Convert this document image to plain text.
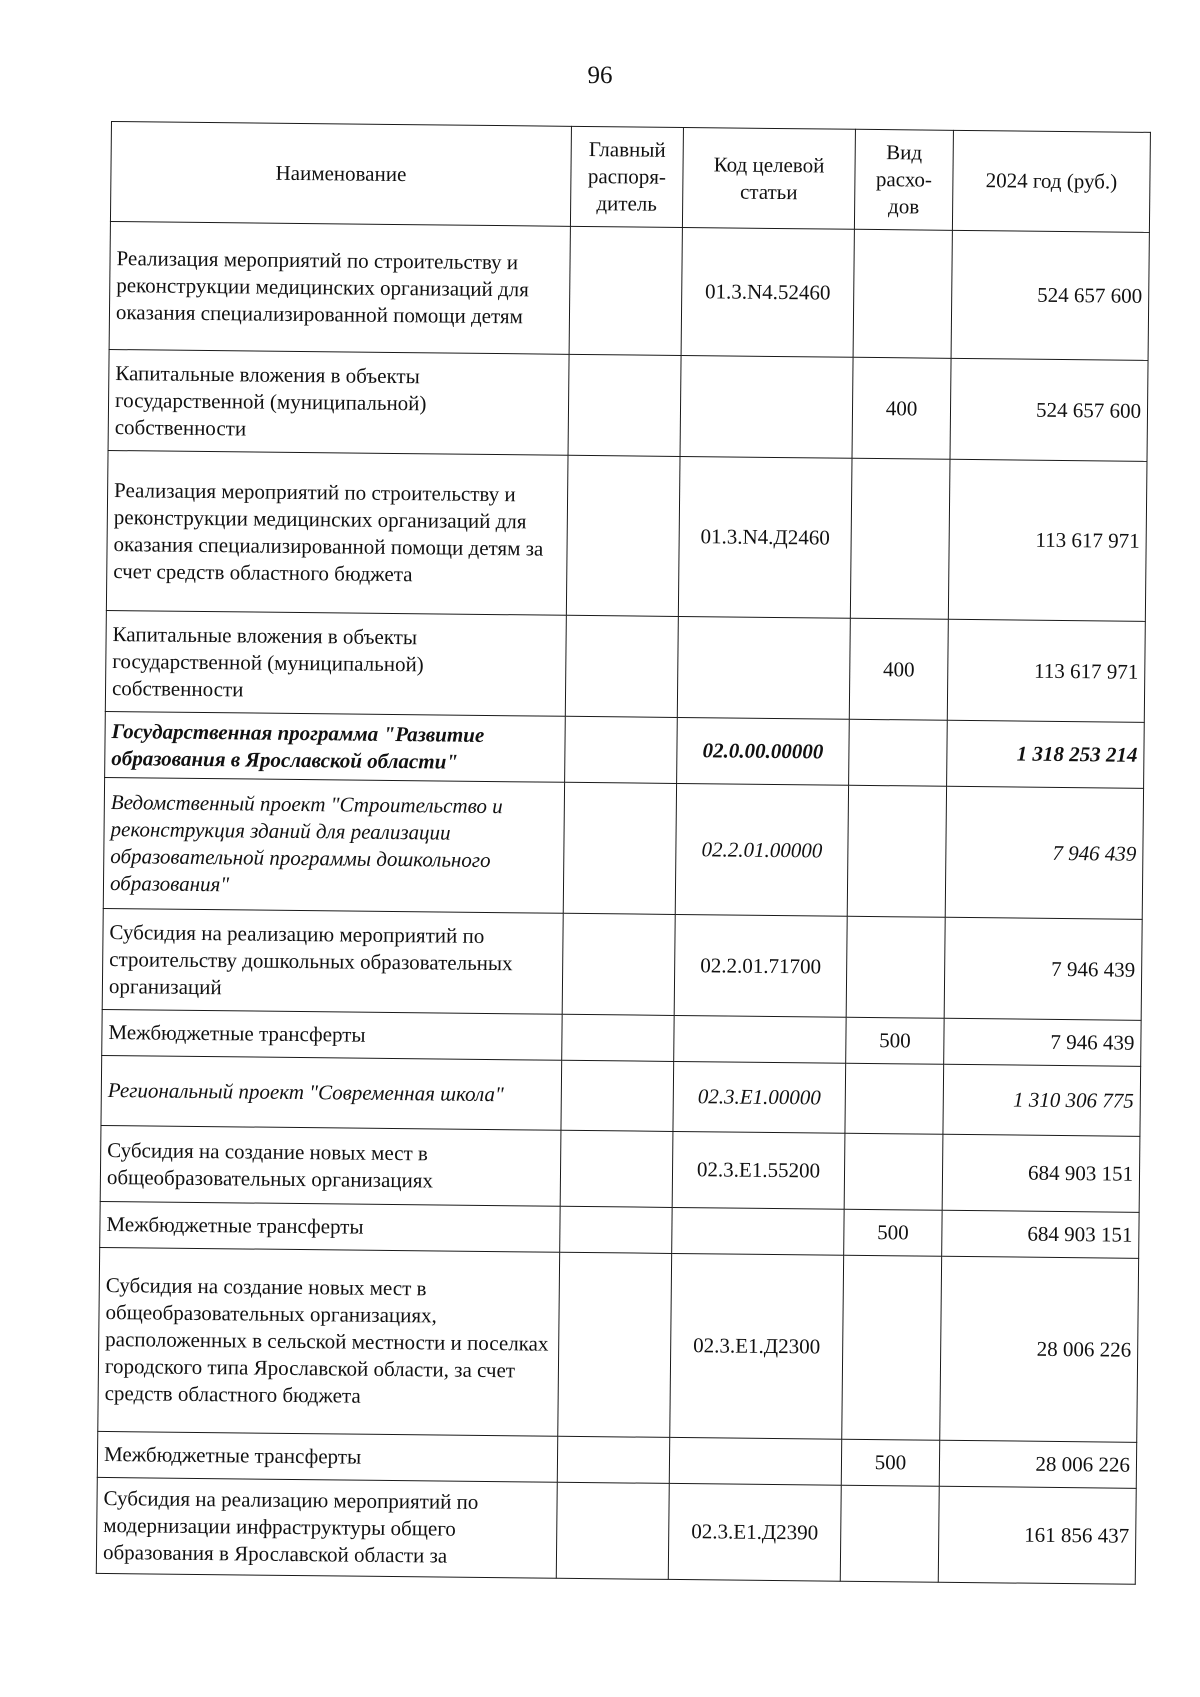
96
Наименование	Главный распоря-дитель	Код целевой статьи	Вид расхо-дов	2024 год (руб.)
Реализация мероприятий по строительству и реконструкции медицинских организаций для оказания специализированной помощи детям		01.3.N4.52460		524 657 600
Капитальные вложения в объекты государственной (муниципальной) собственности			400	524 657 600
Реализация мероприятий по строительству и реконструкции медицинских организаций для оказания специализированной помощи детям за счет средств областного бюджета		01.3.N4.Д2460		113 617 971
Капитальные вложения в объекты государственной (муниципальной) собственности			400	113 617 971
Государственная программа "Развитие образования в Ярославской области"		02.0.00.00000		1 318 253 214
Ведомственный проект "Строительство и реконструкция зданий для реализации образовательной программы дошкольного образования"		02.2.01.00000		7 946 439
Субсидия на реализацию мероприятий по строительству дошкольных образовательных организаций		02.2.01.71700		7 946 439
Межбюджетные трансферты			500	7 946 439
Региональный проект "Современная школа"		02.3.E1.00000		1 310 306 775
Субсидия на создание новых мест в общеобразовательных организациях		02.3.E1.55200		684 903 151
Межбюджетные трансферты			500	684 903 151
Субсидия на создание новых мест в общеобразовательных организациях, расположенных в сельской местности и поселках городского типа Ярославской области, за счет средств областного бюджета		02.3.E1.Д2300		28 006 226
Межбюджетные трансферты			500	28 006 226
Субсидия на реализацию мероприятий по модернизации инфраструктуры общего образования в Ярославской области за		02.3.E1.Д2390		161 856 437
